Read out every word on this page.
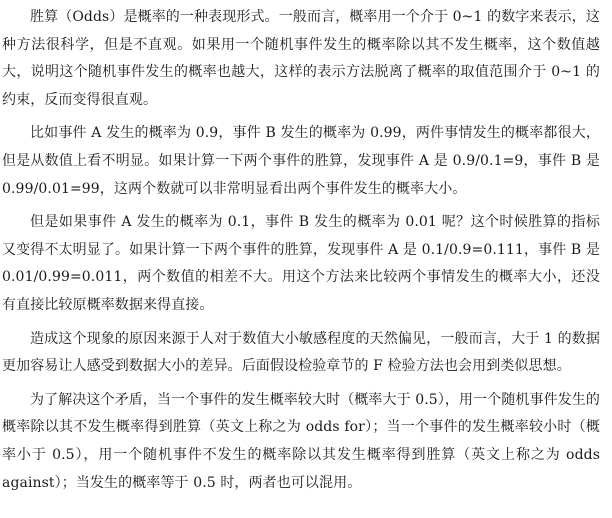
胜算（Odds）是概率的一种表现形式。一般而言，概率用一个介于 0~1 的数字来表示，这种方法很科学，但是不直观。如果用一个随机事件发生的概率除以其不发生概率，这个数值越大，说明这个随机事件发生的概率也越大，这样的表示方法脱离了概率的取值范围介于 0~1 的约束，反而变得很直观。

比如事件 A 发生的概率为 0.9，事件 B 发生的概率为 0.99，两件事情发生的概率都很大，但是从数值上看不明显。如果计算一下两个事件的胜算，发现事件 A 是 0.9/0.1=9，事件 B 是 0.99/0.01=99，这两个数就可以非常明显看出两个事件发生的概率大小。

但是如果事件 A 发生的概率为 0.1，事件 B 发生的概率为 0.01 呢？这个时候胜算的指标又变得不太明显了。如果计算一下两个事件的胜算，发现事件 A 是 0.1/0.9=0.111，事件 B 是 0.01/0.99=0.011，两个数值的相差不大。用这个方法来比较两个事情发生的概率大小，还没有直接比较原概率数据来得直接。

造成这个现象的原因来源于人对于数值大小敏感程度的天然偏见，一般而言，大于 1 的数据更加容易让人感受到数据大小的差异。后面假设检验章节的 F 检验方法也会用到类似思想。

为了解决这个矛盾，当一个事件的发生概率较大时（概率大于 0.5），用一个随机事件发生的概率除以其不发生概率得到胜算（英文上称之为 odds for）；当一个事件的发生概率较小时（概率小于 0.5），用一个随机事件不发生的概率除以其发生概率得到胜算（英文上称之为 odds against）；当发生的概率等于 0.5 时，两者也可以混用。
